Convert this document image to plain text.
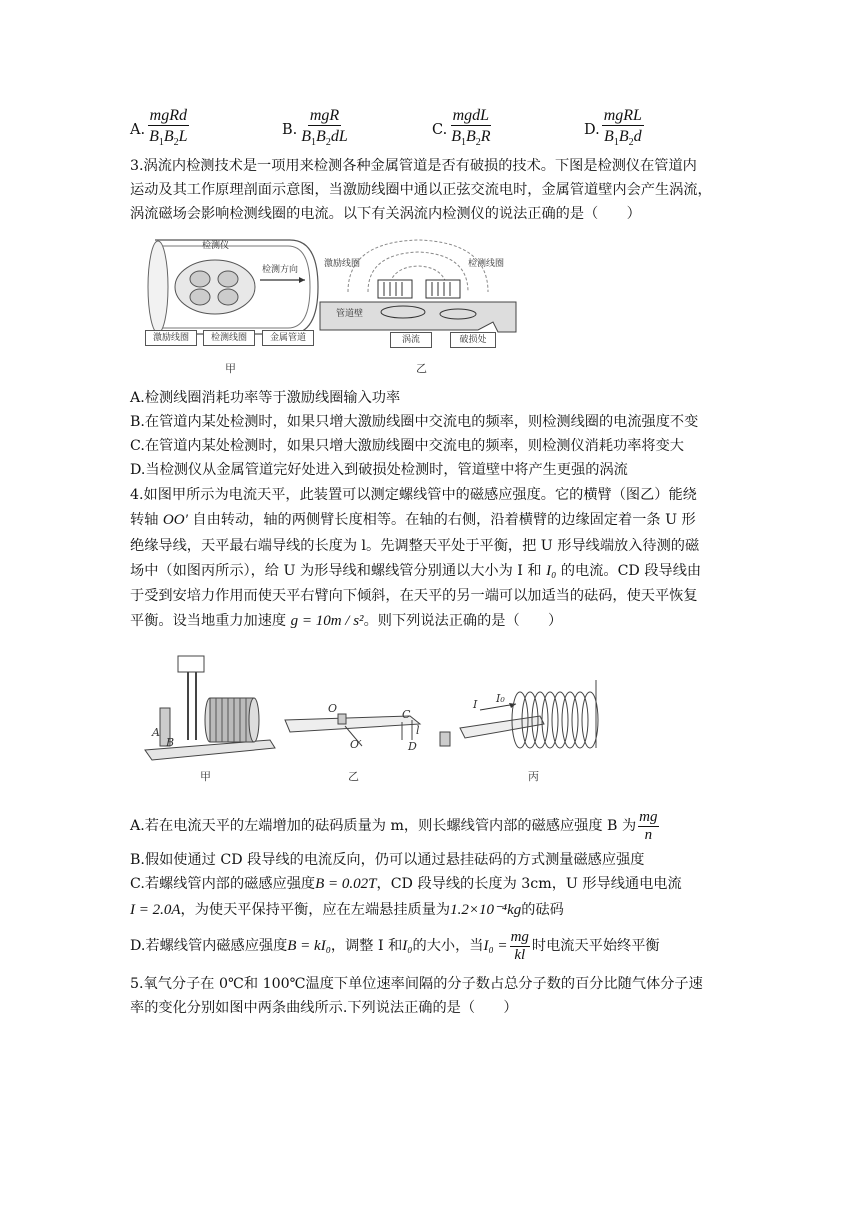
A. $\frac{\text{mgRd}}{B_1B_2L}$	B. $\frac{\text{mgR}}{B_1B_2dL}$	C. $\frac{\text{mgdL}}{B_1B_2R}$	D. $\frac{\text{mgRL}}{B_1B_2d}$
3.涡流内检测技术是一项用来检测各种金属管道是否有破损的技术。下图是检测仪在管道内
运动及其工作原理剖面示意图，当激励线圈中通以正弦交流电时，金属管道壁内会产生涡流，
涡流磁场会影响检测线圈的电流。以下有关涡流内检测仪的说法正确的是（　　）
检测仪
检测方向
激励线圈	检测线圈	金属管道
甲
激励线圈	检测线圈
管道壁
涡流	破损处
乙
A.检测线圈消耗功率等于激励线圈输入功率
B.在管道内某处检测时，如果只增大激励线圈中交流电的频率，则检测线圈的电流强度不变
C.在管道内某处检测时，如果只增大激励线圈中交流电的频率，则检测仪消耗功率将变大
D.当检测仪从金属管道完好处进入到破损处检测时，管道壁中将产生更强的涡流
4.如图甲所示为电流天平，此装置可以测定螺线管中的磁感应强度。它的横臂（图乙）能绕
转轴 OO′ 自由转动，轴的两侧臂长度相等。在轴的右侧，沿着横臂的边缘固定着一条 U 形
绝缘导线，天平最右端导线的长度为 l。先调整天平处于平衡，把 U 形导线端放入待测的磁
场中（如图丙所示），给 U 为形导线和螺线管分别通以大小为 I 和 I₀ 的电流。CD 段导线由
于受到安培力作用而使天平右臂向下倾斜，在天平的另一端可以加适当的砝码，使天平恢复
平衡。设当地重力加速度 g = 10m / s²。则下列说法正确的是（　　）
A
B
O
O′
C
l
D
I I₀
甲	乙	丙
A.若在电流天平的左端增加的砝码质量为 m，则长螺线管内部的磁感应强度 B 为 $\frac{mg}{n}$
B.假如使通过 CD 段导线的电流反向，仍可以通过悬挂砝码的方式测量磁感应强度
C.若螺线管内部的磁感应强度B = 0.02T，CD 段导线的长度为 3cm，U 形导线通电电流
I = 2.0A，为使天平保持平衡，应在左端悬挂质量为1.2×10⁻⁴kg的砝码
D.若螺线管内磁感应强度B = kI₀，调整 I 和I₀的大小，当$I_0 = \frac{mg}{kl}$ 时电流天平始终平衡
5.氧气分子在 0℃和 100℃温度下单位速率间隔的分子数占总分子数的百分比随气体分子速
率的变化分别如图中两条曲线所示.下列说法正确的是（　　）
